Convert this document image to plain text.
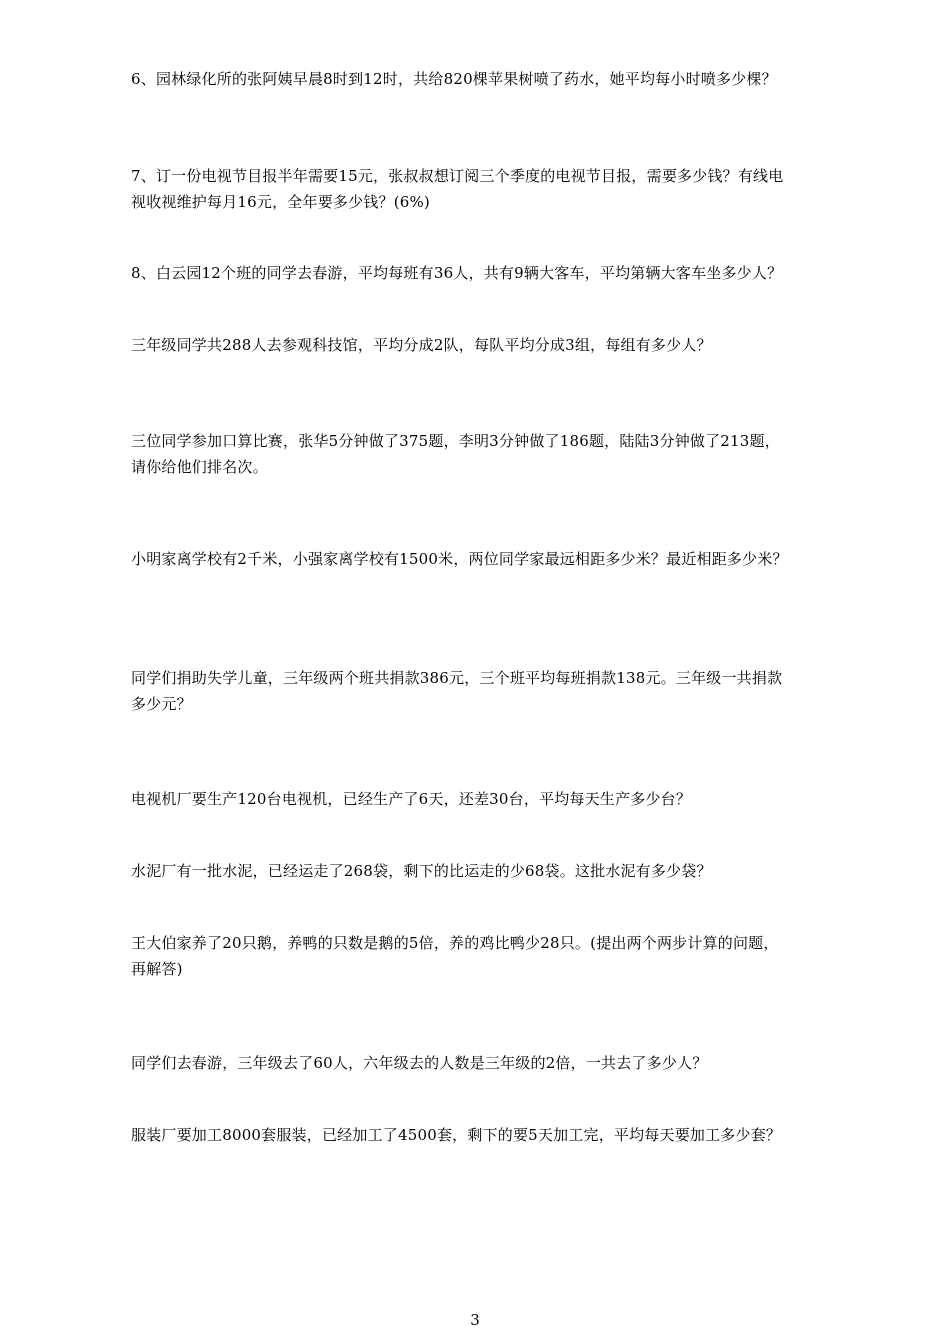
6、园林绿化所的张阿姨早晨8时到12时，共给820棵苹果树喷了药水，她平均每小时喷多少棵？
7、订一份电视节目报半年需要15元，张叔叔想订阅三个季度的电视节目报，需要多少钱？有线电视收视维护每月16元，全年要多少钱？(6%)
8、白云园12个班的同学去春游，平均每班有36人，共有9辆大客车，平均第辆大客车坐多少人？
三年级同学共288人去参观科技馆，平均分成2队，每队平均分成3组，每组有多少人？
三位同学参加口算比赛，张华5分钟做了375题，李明3分钟做了186题，陆陆3分钟做了213题，请你给他们排名次。
小明家离学校有2千米，小强家离学校有1500米，两位同学家最远相距多少米？最近相距多少米？
同学们捐助失学儿童，三年级两个班共捐款386元，三个班平均每班捐款138元。三年级一共捐款多少元？
电视机厂要生产120台电视机，已经生产了6天，还差30台，平均每天生产多少台？
水泥厂有一批水泥，已经运走了268袋，剩下的比运走的少68袋。这批水泥有多少袋？
王大伯家养了20只鹅，养鸭的只数是鹅的5倍，养的鸡比鸭少28只。(提出两个两步计算的问题，再解答)
同学们去春游，三年级去了60人，六年级去的人数是三年级的2倍，一共去了多少人？
服装厂要加工8000套服装，已经加工了4500套，剩下的要5天加工完，平均每天要加工多少套？
3
